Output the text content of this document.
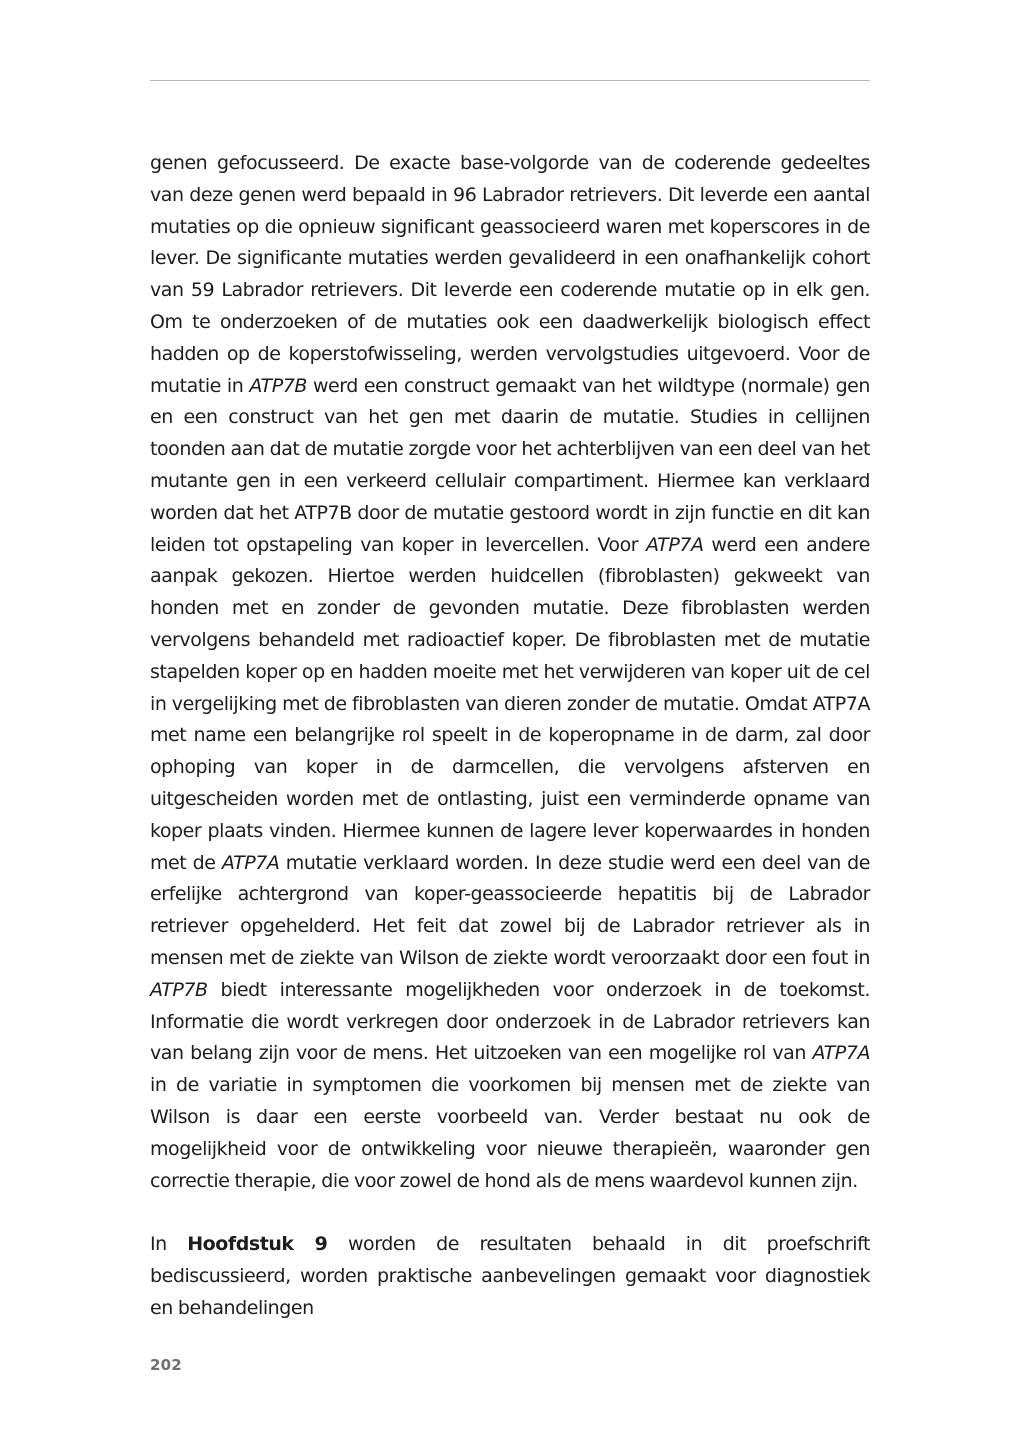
genen gefocusseerd. De exacte base-volgorde van de coderende gedeeltes van deze genen werd bepaald in 96 Labrador retrievers. Dit leverde een aantal mutaties op die opnieuw significant geassocieerd waren met koperscores in de lever. De significante mutaties werden gevalideerd in een onafhankelijk cohort van 59 Labrador retrievers. Dit leverde een coderende mutatie op in elk gen. Om te onderzoeken of de mutaties ook een daadwerkelijk biologisch effect hadden op de koperstofwisseling, werden vervolgstudies uitgevoerd. Voor de mutatie in ATP7B werd een construct gemaakt van het wildtype (normale) gen en een construct van het gen met daarin de mutatie. Studies in cellijnen toonden aan dat de mutatie zorgde voor het achterblijven van een deel van het mutante gen in een verkeerd cellulair compartiment. Hiermee kan verklaard worden dat het ATP7B door de mutatie gestoord wordt in zijn functie en dit kan leiden tot opstapeling van koper in levercellen. Voor ATP7A werd een andere aanpak gekozen. Hiertoe werden huidcellen (fibroblasten) gekweekt van honden met en zonder de gevonden mutatie. Deze fibroblasten werden vervolgens behandeld met radioactief koper. De fibroblasten met de mutatie stapelden koper op en hadden moeite met het verwijderen van koper uit de cel in vergelijking met de fibroblasten van dieren zonder de mutatie. Omdat ATP7A met name een belangrijke rol speelt in de koperopname in de darm, zal door ophoping van koper in de darmcellen, die vervolgens afsterven en uitgescheiden worden met de ontlasting, juist een verminderde opname van koper plaats vinden. Hiermee kunnen de lagere lever koperwaardes in honden met de ATP7A mutatie verklaard worden. In deze studie werd een deel van de erfelijke achtergrond van koper-geassocieerde hepatitis bij de Labrador retriever opgehelderd. Het feit dat zowel bij de Labrador retriever als in mensen met de ziekte van Wilson de ziekte wordt veroorzaakt door een fout in ATP7B biedt interessante mogelijkheden voor onderzoek in de toekomst. Informatie die wordt verkregen door onderzoek in de Labrador retrievers kan van belang zijn voor de mens. Het uitzoeken van een mogelijke rol van ATP7A in de variatie in symptomen die voorkomen bij mensen met de ziekte van Wilson is daar een eerste voorbeeld van. Verder bestaat nu ook de mogelijkheid voor de ontwikkeling voor nieuwe therapieën, waaronder gen correctie therapie, die voor zowel de hond als de mens waardevol kunnen zijn.

In Hoofdstuk 9 worden de resultaten behaald in dit proefschrift bediscussieerd, worden praktische aanbevelingen gemaakt voor diagnostiek en behandelingen

202
